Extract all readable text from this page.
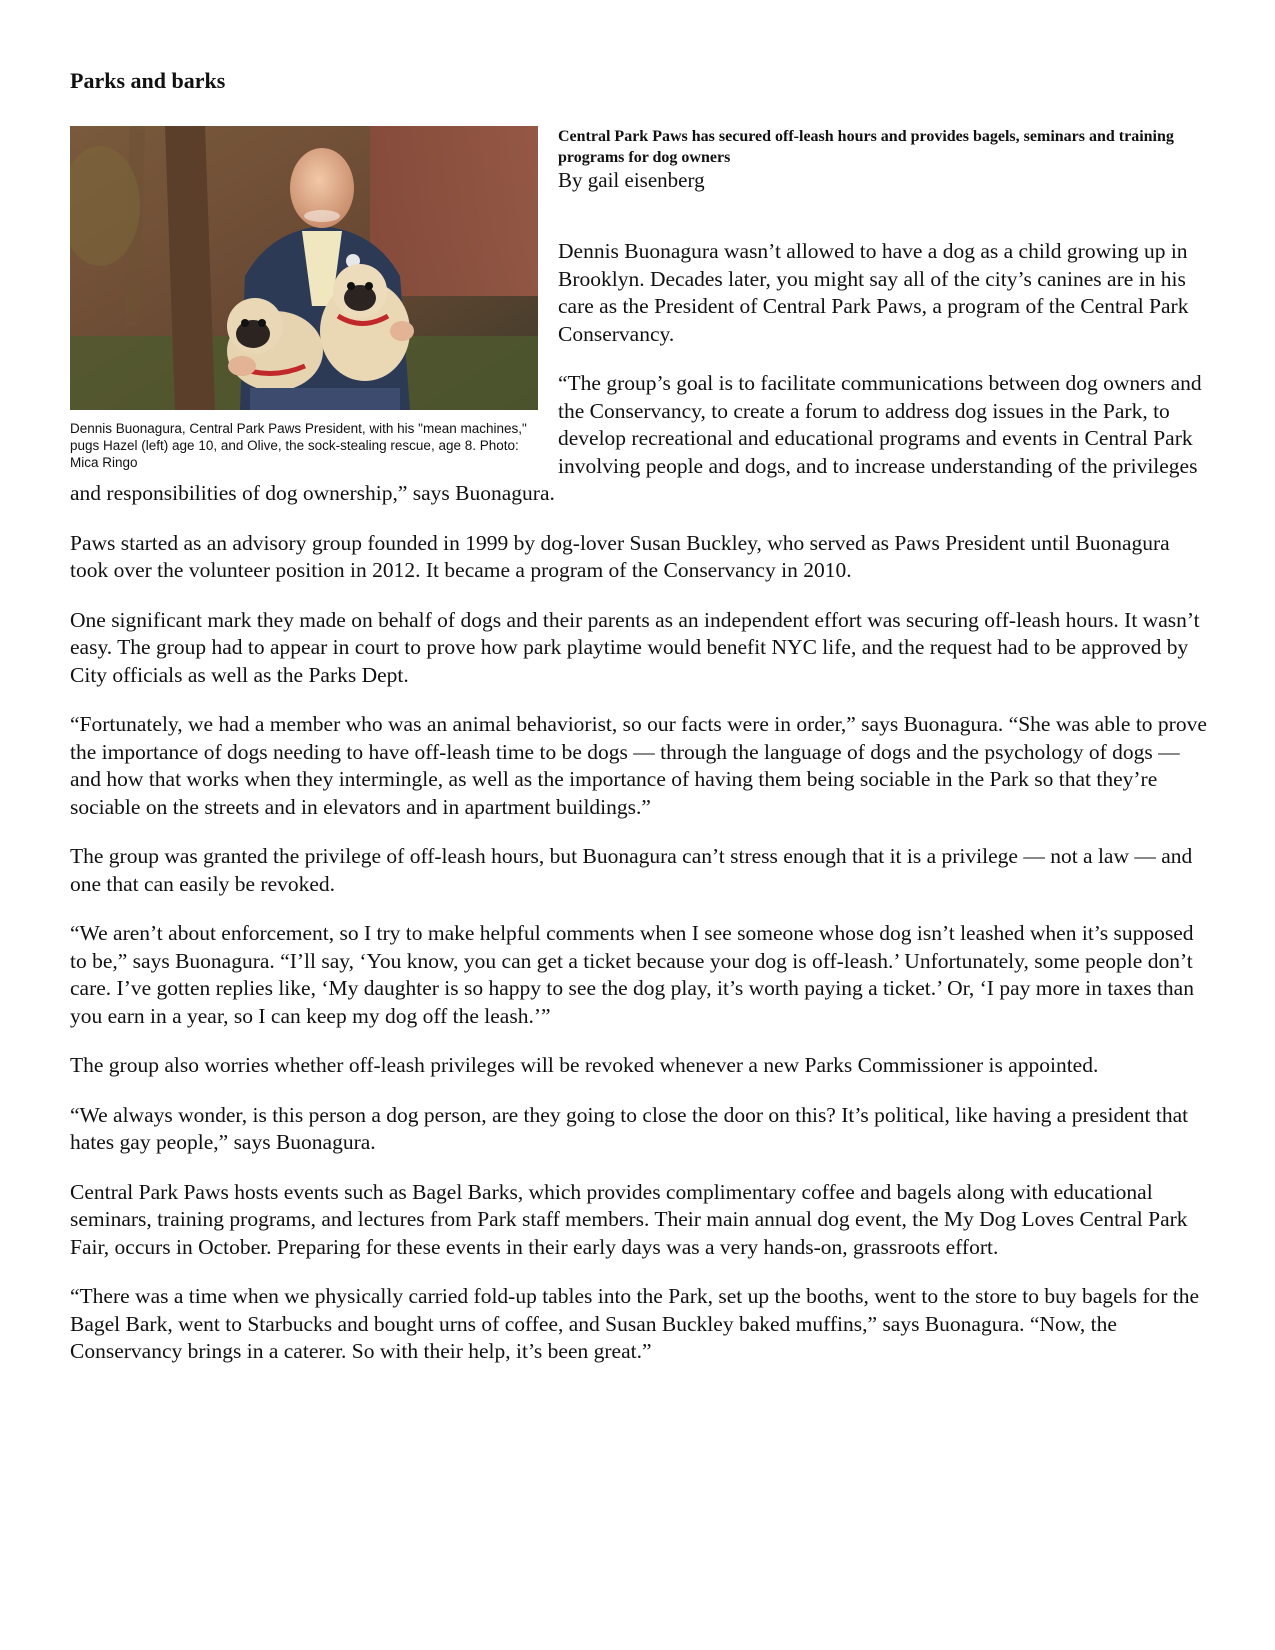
Parks and barks
Dennis Buonagura, Central Park Paws President, with his "mean machines," pugs Hazel (left) age 10, and Olive, the sock-stealing rescue, age 8. Photo: Mica Ringo
Central Park Paws has secured off-leash hours and provides bagels, seminars and training programs for dog owners
By gail eisenberg

Dennis Buonagura wasn’t allowed to have a dog as a child growing up in Brooklyn. Decades later, you might say all of the city’s canines are in his care as the President of Central Park Paws, a program of the Central Park Conservancy.

“The group’s goal is to facilitate communications between dog owners and the Conservancy, to create a forum to address dog issues in the Park, to develop recreational and educational programs and events in Central Park involving people and dogs, and to increase understanding of the privileges and responsibilities of dog ownership,” says Buonagura.

Paws started as an advisory group founded in 1999 by dog-lover Susan Buckley, who served as Paws President until Buonagura took over the volunteer position in 2012. It became a program of the Conservancy in 2010.

One significant mark they made on behalf of dogs and their parents as an independent effort was securing off-leash hours. It wasn’t easy. The group had to appear in court to prove how park playtime would benefit NYC life, and the request had to be approved by City officials as well as the Parks Dept.

“Fortunately, we had a member who was an animal behaviorist, so our facts were in order,” says Buonagura. “She was able to prove the importance of dogs needing to have off-leash time to be dogs — through the language of dogs and the psychology of dogs — and how that works when they intermingle, as well as the importance of having them being sociable in the Park so that they’re sociable on the streets and in elevators and in apartment buildings.”

The group was granted the privilege of off-leash hours, but Buonagura can’t stress enough that it is a privilege — not a law — and one that can easily be revoked.

“We aren’t about enforcement, so I try to make helpful comments when I see someone whose dog isn’t leashed when it’s supposed to be,” says Buonagura. “I’ll say, ‘You know, you can get a ticket because your dog is off-leash.’ Unfortunately, some people don’t care. I’ve gotten replies like, ‘My daughter is so happy to see the dog play, it’s worth paying a ticket.’ Or, ‘I pay more in taxes than you earn in a year, so I can keep my dog off the leash.’”

The group also worries whether off-leash privileges will be revoked whenever a new Parks Commissioner is appointed.

“We always wonder, is this person a dog person, are they going to close the door on this? It’s political, like having a president that hates gay people,” says Buonagura.

Central Park Paws hosts events such as Bagel Barks, which provides complimentary coffee and bagels along with educational seminars, training programs, and lectures from Park staff members. Their main annual dog event, the My Dog Loves Central Park Fair, occurs in October. Preparing for these events in their early days was a very hands-on, grassroots effort.

“There was a time when we physically carried fold-up tables into the Park, set up the booths, went to the store to buy bagels for the Bagel Bark, went to Starbucks and bought urns of coffee, and Susan Buckley baked muffins,” says Buonagura. “Now, the Conservancy brings in a caterer. So with their help, it’s been great.”
